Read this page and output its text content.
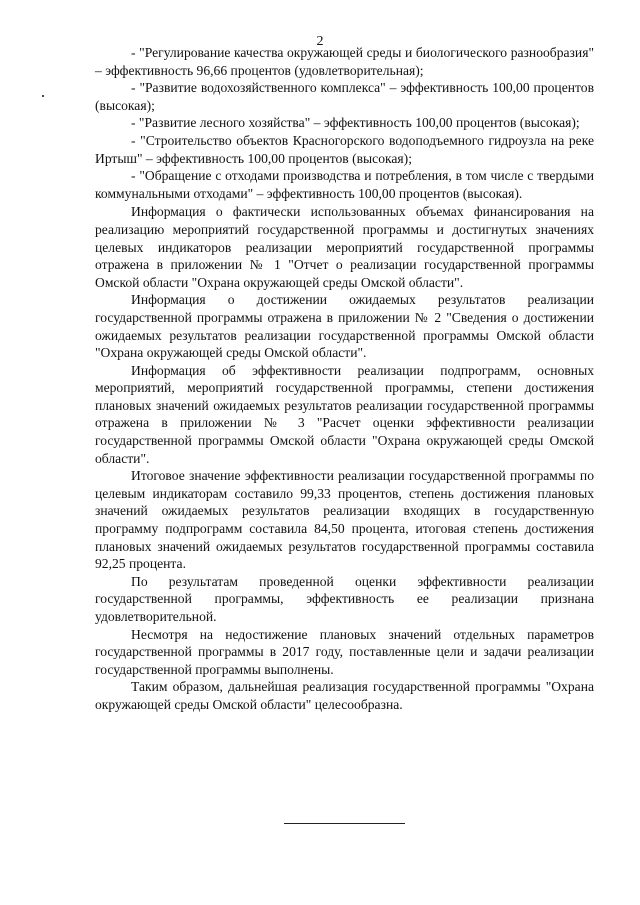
2

- "Регулирование качества окружающей среды и биологического разнообразия" – эффективность 96,66 процентов (удовлетворительная);

- "Развитие водохозяйственного комплекса" – эффективность 100,00 процентов (высокая);

- "Развитие лесного хозяйства" – эффективность 100,00 процентов (высокая);

- "Строительство объектов Красногорского водоподъемного гидроузла на реке Иртыш" – эффективность 100,00 процентов (высокая);

- "Обращение с отходами производства и потребления, в том числе с твердыми коммунальными отходами" – эффективность 100,00 процентов (высокая).

Информация о фактически использованных объемах финансирования на реализацию мероприятий государственной программы и достигнутых значениях целевых индикаторов реализации мероприятий государственной программы отражена в приложении № 1 "Отчет о реализации государственной программы Омской области "Охрана окружающей среды Омской области".

Информация о достижении ожидаемых результатов реализации государственной программы отражена в приложении № 2 "Сведения о достижении ожидаемых результатов реализации государственной программы Омской области "Охрана окружающей среды Омской области".

Информация об эффективности реализации подпрограмм, основных мероприятий, мероприятий государственной программы, степени достижения плановых значений ожидаемых результатов реализации государственной программы отражена в приложении № 3 "Расчет оценки эффективности реализации государственной программы Омской области "Охрана окружающей среды Омской области".

Итоговое значение эффективности реализации государственной программы по целевым индикаторам составило 99,33 процентов, степень достижения плановых значений ожидаемых результатов реализации входящих в государственную программу подпрограмм составила 84,50 процента, итоговая степень достижения плановых значений ожидаемых результатов государственной программы составила 92,25 процента.

По результатам проведенной оценки эффективности реализации государственной программы, эффективность ее реализации признана удовлетворительной.

Несмотря на недостижение плановых значений отдельных параметров государственной программы в 2017 году, поставленные цели и задачи реализации государственной программы выполнены.

Таким образом, дальнейшая реализация государственной программы "Охрана окружающей среды Омской области" целесообразна.
